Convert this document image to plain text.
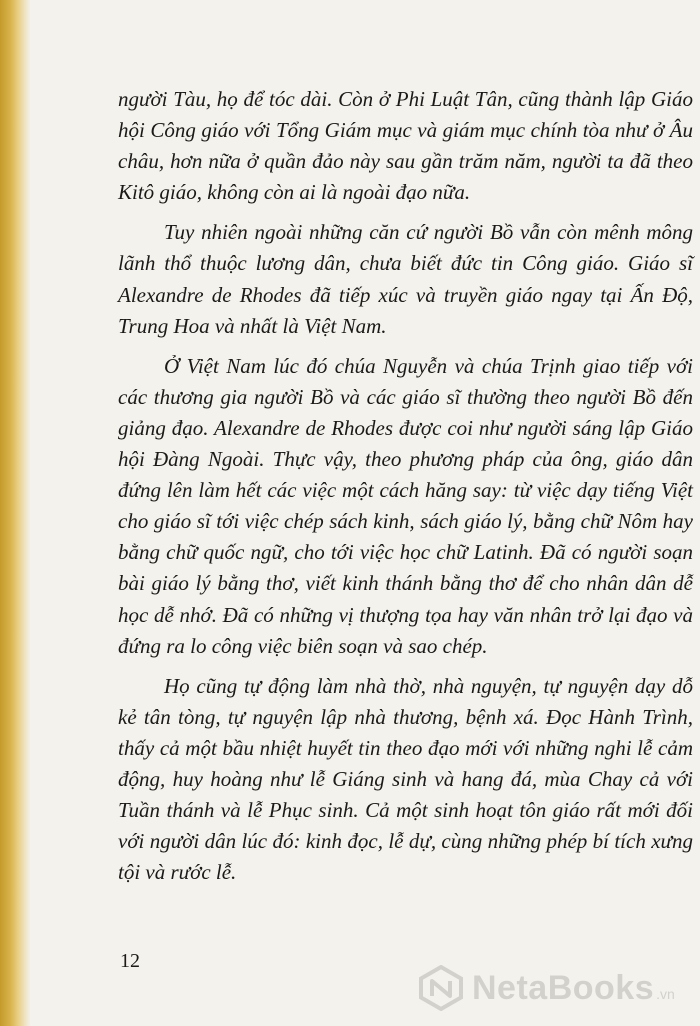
người Tàu, họ để tóc dài. Còn ở Phi Luật Tân, cũng thành lập Giáo hội Công giáo với Tổng Giám mục và giám mục chính tòa như ở Âu châu, hơn nữa ở quần đảo này sau gần trăm năm, người ta đã theo Kitô giáo, không còn ai là ngoài đạo nữa.

Tuy nhiên ngoài những căn cứ người Bồ vẫn còn mênh mông lãnh thổ thuộc lương dân, chưa biết đức tin Công giáo. Giáo sĩ Alexandre de Rhodes đã tiếp xúc và truyền giáo ngay tại Ấn Độ, Trung Hoa và nhất là Việt Nam.

Ở Việt Nam lúc đó chúa Nguyễn và chúa Trịnh giao tiếp với các thương gia người Bồ và các giáo sĩ thường theo người Bồ đến giảng đạo. Alexandre de Rhodes được coi như người sáng lập Giáo hội Đàng Ngoài. Thực vậy, theo phương pháp của ông, giáo dân đứng lên làm hết các việc một cách hăng say: từ việc dạy tiếng Việt cho giáo sĩ tới việc chép sách kinh, sách giáo lý, bằng chữ Nôm hay bằng chữ quốc ngữ, cho tới việc học chữ Latinh. Đã có người soạn bài giáo lý bằng thơ, viết kinh thánh bằng thơ để cho nhân dân dễ học dễ nhớ. Đã có những vị thượng tọa hay văn nhân trở lại đạo và đứng ra lo công việc biên soạn và sao chép.

Họ cũng tự động làm nhà thờ, nhà nguyện, tự nguyện dạy dỗ kẻ tân tòng, tự nguyện lập nhà thương, bệnh xá. Đọc Hành Trình, thấy cả một bầu nhiệt huyết tin theo đạo mới với những nghi lễ cảm động, huy hoàng như lễ Giáng sinh và hang đá, mùa Chay cả với Tuần thánh và lễ Phục sinh. Cả một sinh hoạt tôn giáo rất mới đối với người dân lúc đó: kinh đọc, lễ dự, cùng những phép bí tích xưng tội và rước lễ.

12
NetaBooks .vn
